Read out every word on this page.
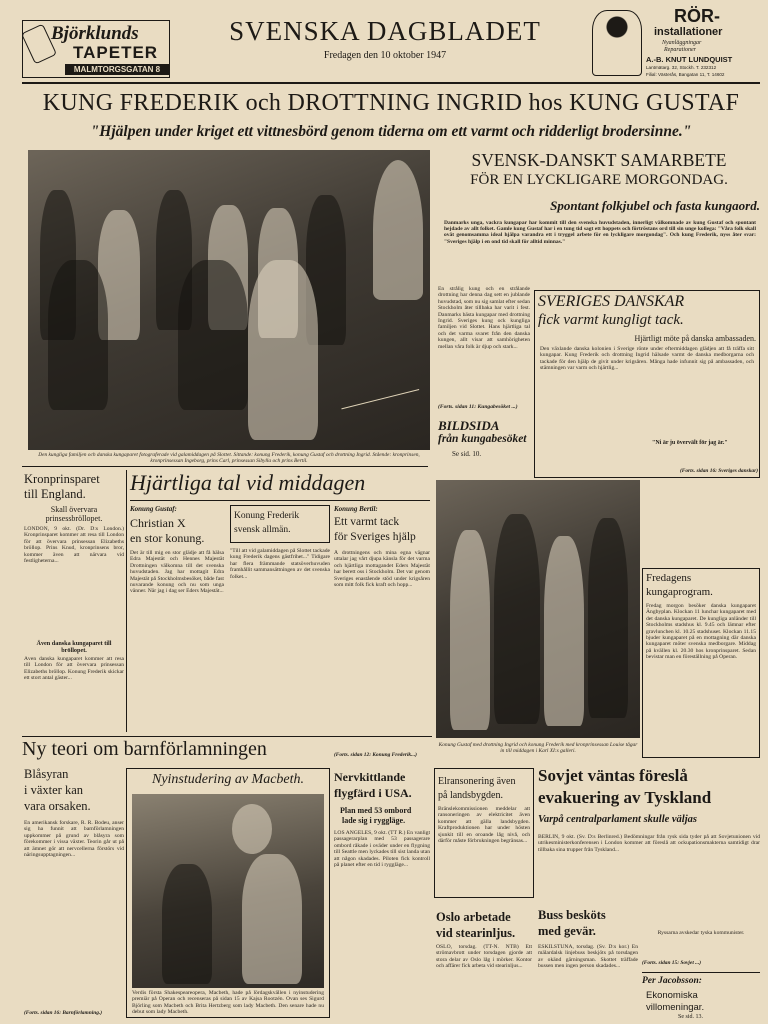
Björklunds
TAPETER
MALMTORGSGATAN 8
SVENSKA DAGBLADET
Fredagen den 10 oktober 1947
RÖR-
installationer
Nyanläggningar
Reparationer
A.-B. KNUT LUNDQUIST
Lantmätarg. 32, Stockh. T. 232312
Filial: Västerås, Bangatan 11, T. 14602
KUNG FREDERIK och DROTTNING INGRID hos KUNG GUSTAF
"Hjälpen under kriget ett vittnesbörd genom tiderna om ett varmt och ridderligt brodersinne."
Den kungliga familjen och danska kungaparet fotograferade vid galamiddagen på Slottet. Sittande: konung Frederik, konung Gustaf och drottning Ingrid. Stående: kronprinsen, kronprinsessan Ingeborg, prins Carl, prinsessan Sibylla och prins Bertil.
SVENSK-DANSKT SAMARBETE
FÖR EN LYCKLIGARE MORGONDAG.
Spontant folkjubel och fasta kungaord.
Danmarks unga, vackra kungapar har kommit till den svenska huvudstaden, innerligt välkomnade av kung Gustaf och spontant hejdade av allt folket. Gamle kung Gustaf har i en tung tid sagt ett hoppets och förtröstans ord till sin unge kollega: "Våra folk skall ovät genomsamma ideal hjälpa varandra ett i tryggel arbete för en lyckligare morgondag". Och kung Frederik, nyss åter svar: "Sveriges hjälp i en ond tid skall för alltid minnas."
En strålig kung och en strålande drottning har denna dag sett en jublande huvudstad, som nu sig samlat efter sedan Stockholm åter tillbaka har varit i fest. Danmarks bästa kungapar med drottning Ingrid. Sveriges kung ock kungliga familjen vid Slottet. Hans hjärtliga tal och det varma svaret från den danska kungen, allt visar att samhörigheten mellan våra folk är djup och stark...
(Forts. sidan 11: Kungabesöket ...)
BILDSIDA
från kungabesöket
Se sid. 10.
SVERIGES DANSKAR
fick varmt kungligt tack.
Hjärtligt möte på danska ambassaden.
Den växlande danska kolonien i Sverige rönte under eftermiddagen glädjen att få träffa sitt kungapar. Kung Frederik och drottning Ingrid hälsade varmt de danska medborgarna och tackade för den hjälp de givit under krigsåren. Många hade infunnit sig på ambassaden, och stämningen var varm och hjärtlig...
"Ni är ju övervält för jag är."
(Forts. sidan 16: Sveriges danskar)
Kronprinsparet
till England.
Skall övervara
prinsessbröllopet.
LONDON, 9 okt. (Dr. D:s London.) Kronprinsparet kommer att resa till London för att övervara prinsessan Elizabeths bröllop. Prins Knud, kronprinsens bror, kommer även att närvara vid festligheterna...
Även danska kungaparet till bröllopet.
Även danska kungaparet kommer att resa till London för att övervara prinsessan Elizabeths bröllop. Konung Frederik skickar ett stort antal gäster...
Hjärtliga tal vid middagen
Konung Gustaf:
Christian X
en stor konung.
Det är till mig en stor glädje att få hälsa Edra Majestät och Hennes Majestät Drottningen välkomna till det svenska huvudstaden. Jag har mottagit Edra Majestät på Stockholmsbesöket, både fast nuvarande konung och nu som unga vänner. När jag i dag ser Eders Majestät...
Konung Frederik
svensk allmän.
"Till att vid galamiddagen på Slottet tackade kung Frederik dagens gästfrihet..." Tidigare har flera främmande statsöverhuvuden framhållit sammansättningen av det svenska folket...
Konung Bertil:
Ett varmt tack
för Sveriges hjälp
Å drottningens och mina egna vägnar uttalar jag vårt djupa känsla för det varma och hjärtliga mottagandet Eders Majestät har berett oss i Stockholm. Det var genom Sveriges enastående stöd under krigsåren som mitt folk fick kraft och hopp...
(Forts. sidan 12: Konung Frederik...)
Konung Gustaf med drottning Ingrid och konung Frederik med kronprinsessan Louise tågar in till middagen i Karl XI:s galleri.
Fredagens
kungaprogram.
Fredag morgon besöker danska kungaparet Ängbyplan. Klockan 11 lunchar kungaparet med det danska kungaparet. De kungliga anländer till Stockholms stadshus kl. 9.45 och lämnar efter gravlunchen kl. 10.25 stadshuset. Klockan 11.15 bjuder kungaparet på en mottagning där danska kungaparet möter svenska medborgare. Middag på kvällen kl. 20.30 hos kronprinsparet. Sedan bevistar man en föreställning på Operan.
Ny teori om barnförlamningen
Blåsyran
i växter kan
vara orsaken.
En amerikansk forskare, R. R. Bodeu, anser sig ha funnit att barnförlamningen uppkommer på grund av blåsyra som förekommer i vissa växter. Teorin går ut på att ämnet gör att nervcellerna förstörs vid näringsupptagningen...
(Forts. sidan 16: Barnförlamning.)
Nyinstudering av Macbeth.
Verdis första Shakespeareopera, Macbeth, hade på lördagskvällen i nyinstudering premiär på Operan och recenseras på sidan 15 av Kajsa Rootzén. Ovan ses Sigurd Björling som Macbeth och Brita Hertzberg som lady Macbeth. Den senare hade nu debut som lady Macbeth.
Nervkittlande
flygfärd i USA.
Plan med 53 ombord
lade sig i ryggläge.
LOS ANGELES, 9 okt. (TT R.) En vanligt passagerarplan med 53 passagerare ombord råkade i oväder under en flygning till Seattle men lyckades till sist landa utan att någon skadades. Piloten fick kontroll på planet efter en tid i ryggläge...
Elransonering även
på landsbygden.
Bränslekommissionen meddelar att ransoneringen av elektricitet även kommer att gälla landsbygden. Kraftproduktionen har under hösten sjunkit till en oroande låg nivå, och därför måste förbrukningen begränsas...
Oslo arbetade
vid stearinljus.
OSLO, torsdag. (TT-N. NTB) Ett strömavbrott under torsdagen gjorde att stora delar av Oslo låg i mörker. Kontor och affärer fick arbeta vid stearinljus...
Sovjet väntas föreslå
evakuering av Tyskland
Varpå centralparlament skulle väljas
BERLIN, 9 okt. (Sv. D:s Berlinred.) Bedömningar från rysk sida tyder på att Sovjetunionen vid utrikesministerkonferensen i London kommer att föreslå att ockupationsmakterna samtidigt drar tillbaka sina trupper från Tyskland...
Buss besköts
med gevär.
ESKILSTUNA, torsdag. (Sv. D:s kor.) En mälardalsk linjebuss beskjöts på torsdagen av okänd gärningsman. Skottet träffade bussen men ingen person skadades...
Ryssarna avskedar tyska kommunister.
(Forts. sidan 15: Sovjet ...)
Per Jacobsson:
Ekonomiska
villomeningar.
Se sid. 13.
